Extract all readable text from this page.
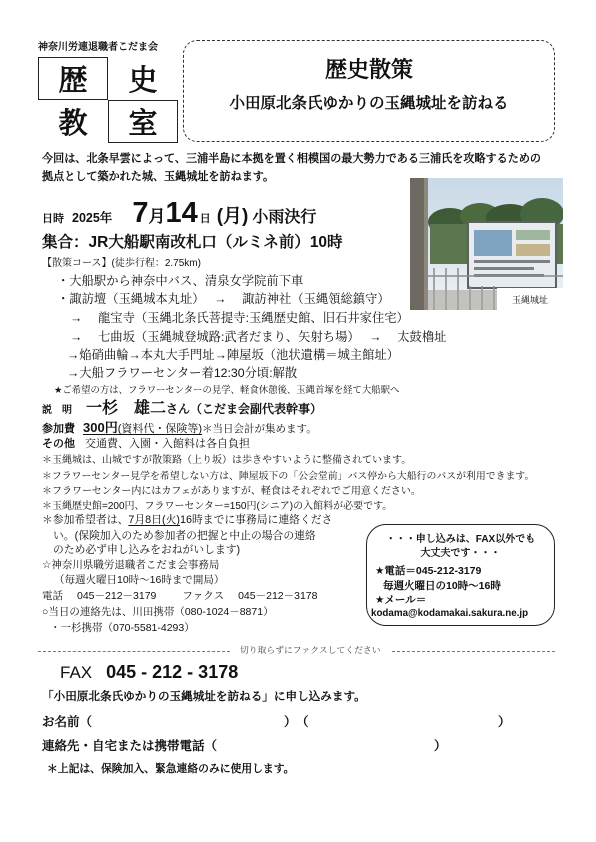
神奈川労連退職者こだま会
歴	史
教	室
歴史散策
小田原北条氏ゆかりの玉縄城址を訪ねる
今回は、北条早雲によって、三浦半島に本拠を置く相模国の最大勢力である三浦氏を攻略するための
拠点として築かれた城、玉縄城址を訪ねます。
日時 2025年 7 月 14 日 (月) 小雨決行
集合：JR大船駅南改札口（ルミネ前）10時
【散策コース】(徒歩行程：2.75km)
・大船駅から神奈中バス、清泉女学院前下車
・諏訪壇（玉縄城本丸址）　 →　 諏訪神社（玉縄領総鎮守）
→　 龍宝寺（玉縄北条氏菩提寺:玉縄歴史館、旧石井家住宅）
→　 七曲坂（玉縄城登城路:武者だまり、矢射ち場）　 →　 太鼓櫓址
→焔硝曲輪→本丸大手門址→陣屋坂（池状遺構＝城主館址）
→大船フラワーセンター着12:30分頃:解散
★ご希望の方は、フラワーセンターの見学、軽食休憩後、玉縄首塚を経て大船駅へ
説　明 一杉　雄二 さん（こだま会副代表幹事）
参加費 300円 (資料代・保険等) ＊当日会計が集めます。
その他 交通費、入園・入館料は各自負担
＊玉縄城は、山城ですが散策路（上り坂）は歩きやすいように整備されています。
＊フラワーセンター見学を希望しない方は、陣屋坂下の「公会堂前」バス停から大船行のバスが利用できます。
＊フラワーセンター内にはカフェがありますが、軽食はそれぞれでご用意ください。
＊玉縄歴史館=200円、フラワーセンター=150円(シニア)の入館料が必要です。
＊参加希望者は、7月8日(火)16時までに事務局に連絡くださ
い。(保険加入のため参加者の把握と中止の場合の連絡
のため必ず申し込みをおねがいします)
☆神奈川県職労退職者こだま会事務局
（毎週火曜日10時～16時まで開局）
電話 045－212－3179 ファクス 045－212－3178
○当日の連絡先は、川田携帯（080-1024－8871）
・一杉携帯（070-5581-4293）
玉縄城址
・・・申し込みは、FAX以外でも
大丈夫です・・・
★電話＝045-212-3179
毎週火曜日の10時～16時
★メール＝
kodama@kodamakai.sakura.ne.jp
切り取らずにファクスしてください
FAX 045 - 212 - 3178
「小田原北条氏ゆかりの玉縄城址を訪ねる」に申し込みます。
お名前（	） （	）
連絡先・自宅または携帯電話（	）
＊上記は、保険加入、緊急連絡のみに使用します。
